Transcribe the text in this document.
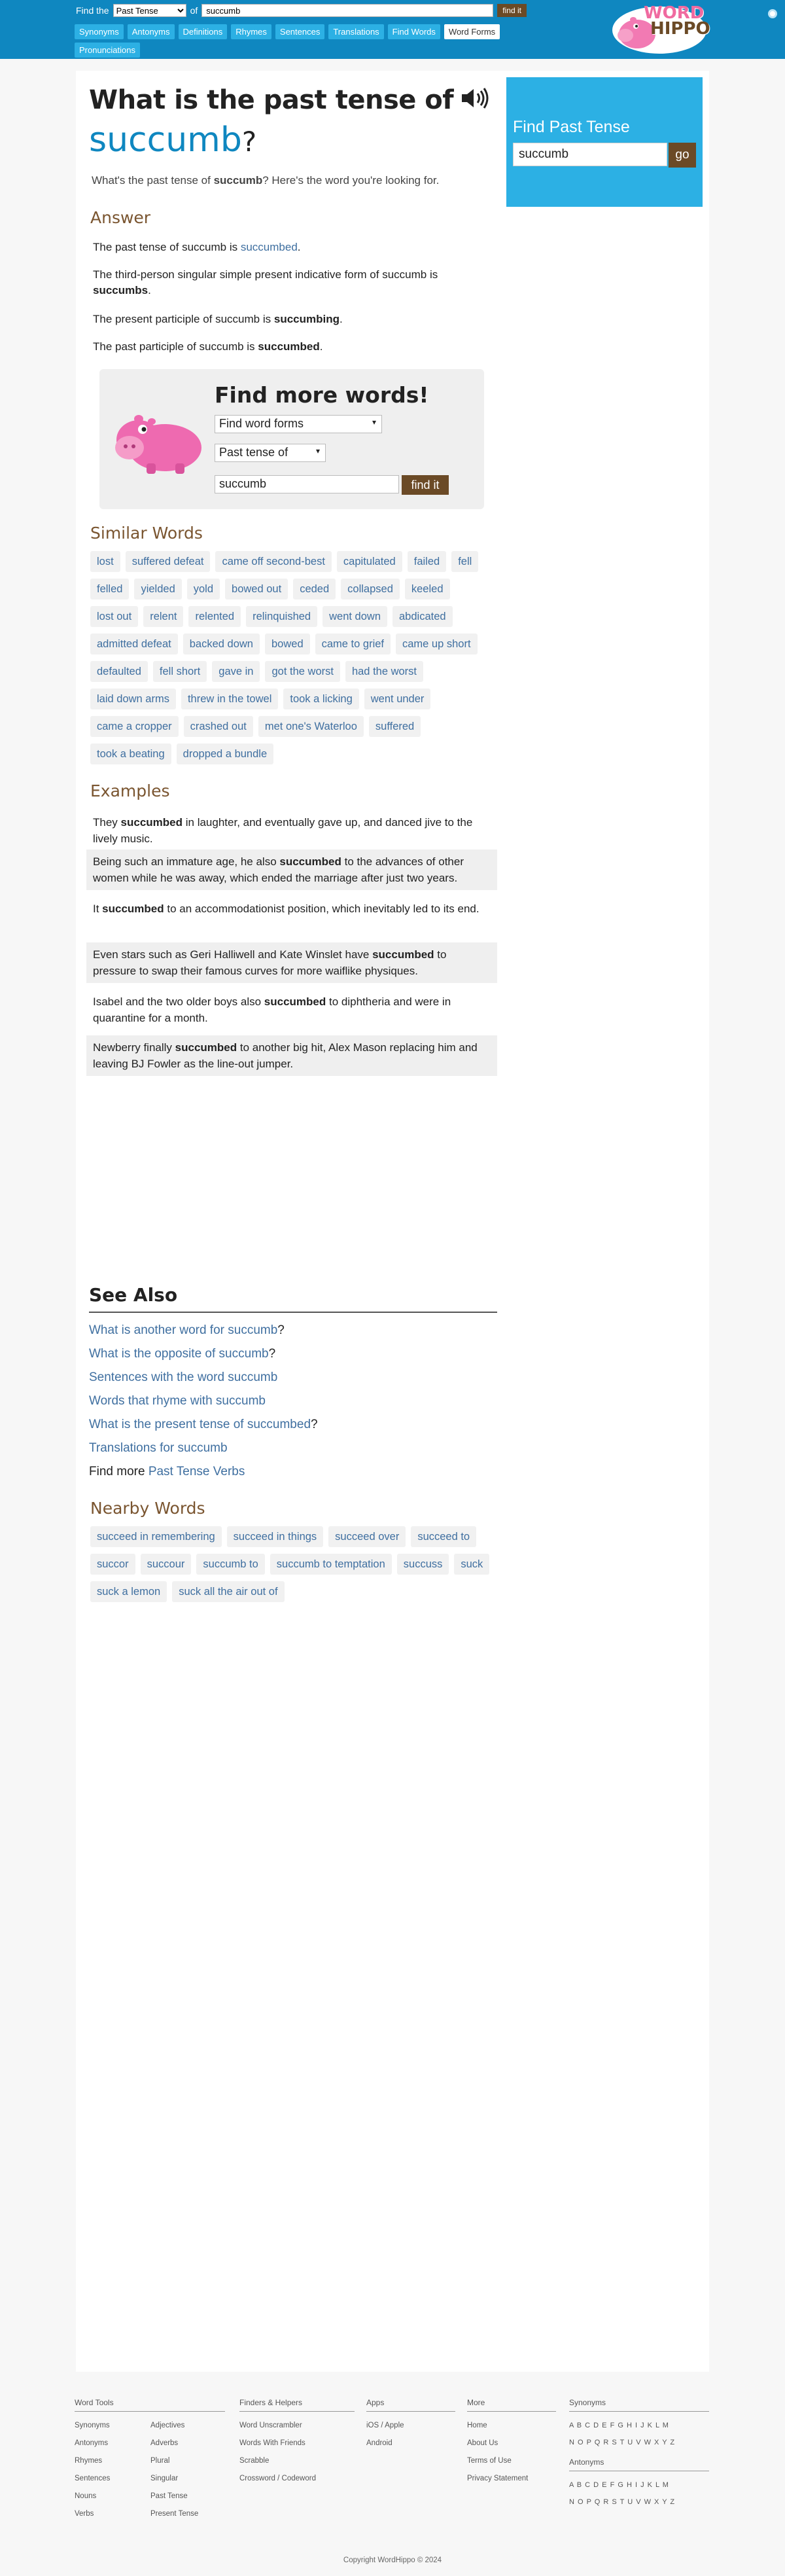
Find the
Past Tense	of
succumb	find it
Synonyms	Antonyms	Definitions	Rhymes	Sentences	Translations	Find Words	Word Forms
Pronunciations
WORD
HIPPO
What is the past tense of
succumb?
What's the past tense of succumb? Here's the word you're looking for.
Answer
The past tense of succumb is succumbed.
The third-person singular simple present indicative form of succumb is succumbs.
The present participle of succumb is succumbing.
The past participle of succumb is succumbed.
Find more words!
Find word forms	▾
Past tense of	▾
succumb	find it
Similar Words
lost	suffered defeat	came off second-best	capitulated	failed	fell
felled	yielded	yold	bowed out	ceded	collapsed	keeled
lost out	relent	relented	relinquished	went down	abdicated
admitted defeat	backed down	bowed	came to grief	came up short
defaulted	fell short	gave in	got the worst	had the worst
laid down arms	threw in the towel	took a licking	went under
came a cropper	crashed out	met one's Waterloo	suffered
took a beating	dropped a bundle
Examples
They succumbed in laughter, and eventually gave up, and danced jive to the lively music.
Being such an immature age, he also succumbed to the advances of other women while he was away, which ended the marriage after just two years.
It succumbed to an accommodationist position, which inevitably led to its end.
Even stars such as Geri Halliwell and Kate Winslet have succumbed to pressure to swap their famous curves for more waiflike physiques.
Isabel and the two older boys also succumbed to diphtheria and were in quarantine for a month.
Newberry finally succumbed to another big hit, Alex Mason replacing him and leaving BJ Fowler as the line-out jumper.
See Also
What is another word for succumb?
What is the opposite of succumb?
Sentences with the word succumb
Words that rhyme with succumb
What is the present tense of succumbed?
Translations for succumb
Find more Past Tense Verbs
Nearby Words
succeed in remembering	succeed in things	succeed over	succeed to
succor	succour	succumb to	succumb to temptation	succuss	suck
suck a lemon	suck all the air out of
Find Past Tense
succumb	go
Word Tools
Synonyms
Antonyms
Rhymes
Sentences
Nouns
Verbs
Adjectives
Adverbs
Plural
Singular
Past Tense
Present Tense
Finders & Helpers
Word Unscrambler
Words With Friends
Scrabble
Crossword / Codeword
Apps
iOS / Apple
Android
More
Home
About Us
Terms of Use
Privacy Statement
Synonyms
A B C D E F G H I J K L M
N O P Q R S T U V W X Y Z
Antonyms
A B C D E F G H I J K L M
N O P Q R S T U V W X Y Z
Copyright WordHippo © 2024
